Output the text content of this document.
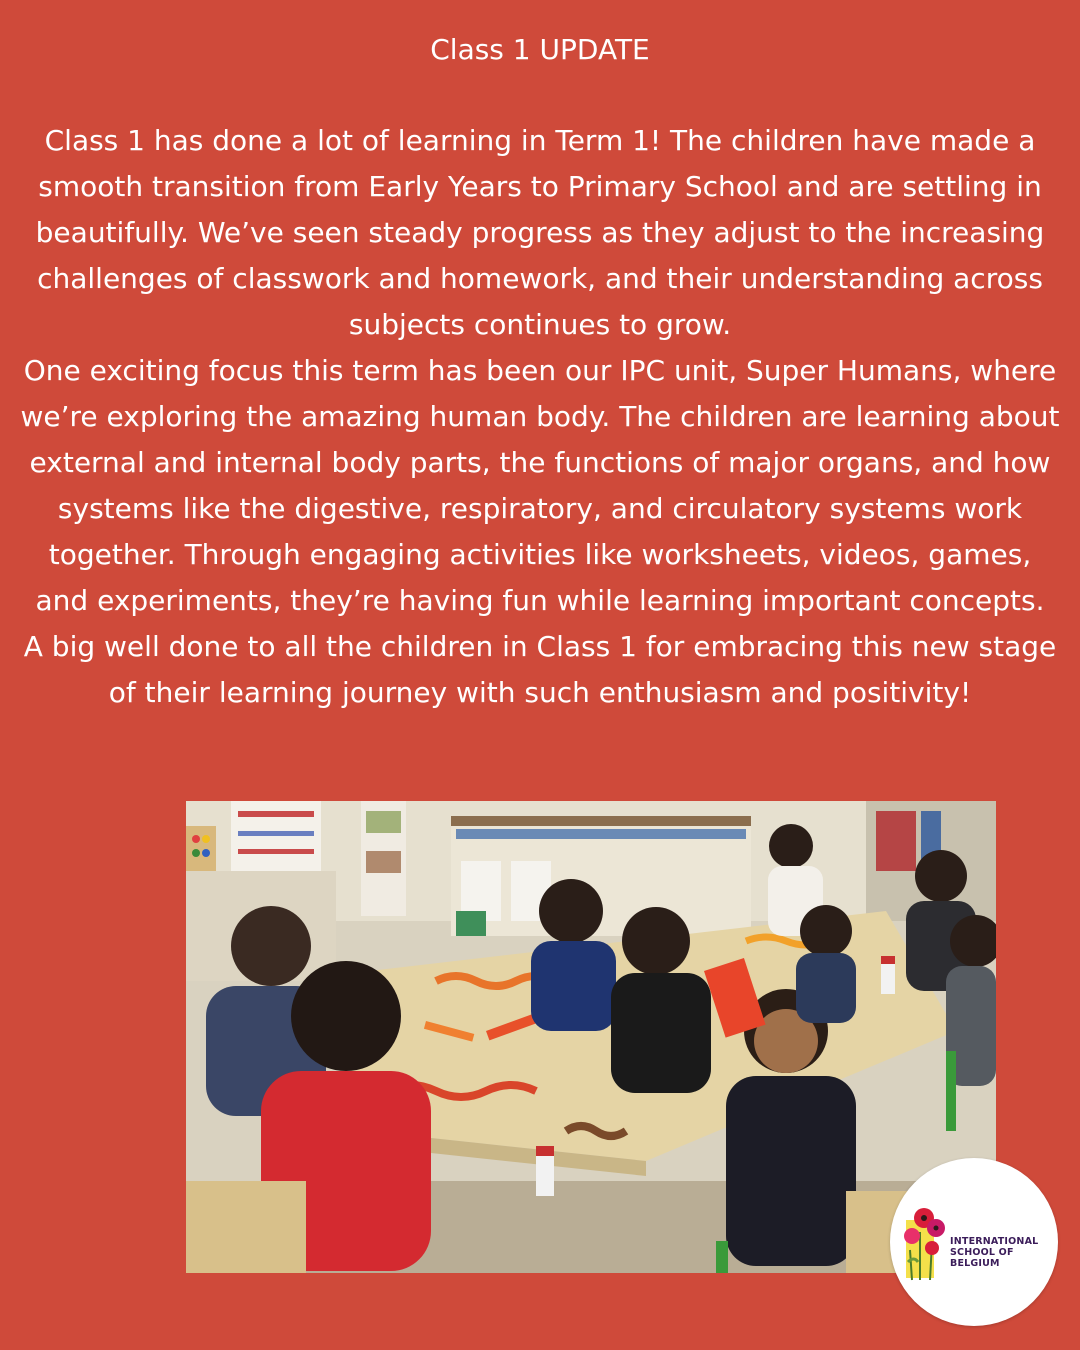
Class 1 UPDATE

Class 1 has done a lot of learning in Term 1! The children have made a smooth transition from Early Years to Primary School and are settling in beautifully. We’ve seen steady progress as they adjust to the increasing challenges of classwork and homework, and their understanding across subjects continues to grow.

One exciting focus this term has been our IPC unit, Super Humans, where we’re exploring the amazing human body. The children are learning about external and internal body parts, the functions of major organs, and how systems like the digestive, respiratory, and circulatory systems work together. Through engaging activities like worksheets, videos, games, and experiments, they’re having fun while learning important concepts.

A big well done to all the children in Class 1 for embracing this new stage of their learning journey with such enthusiasm and positivity!

INTERNATIONAL
SCHOOL OF
BELGIUM
